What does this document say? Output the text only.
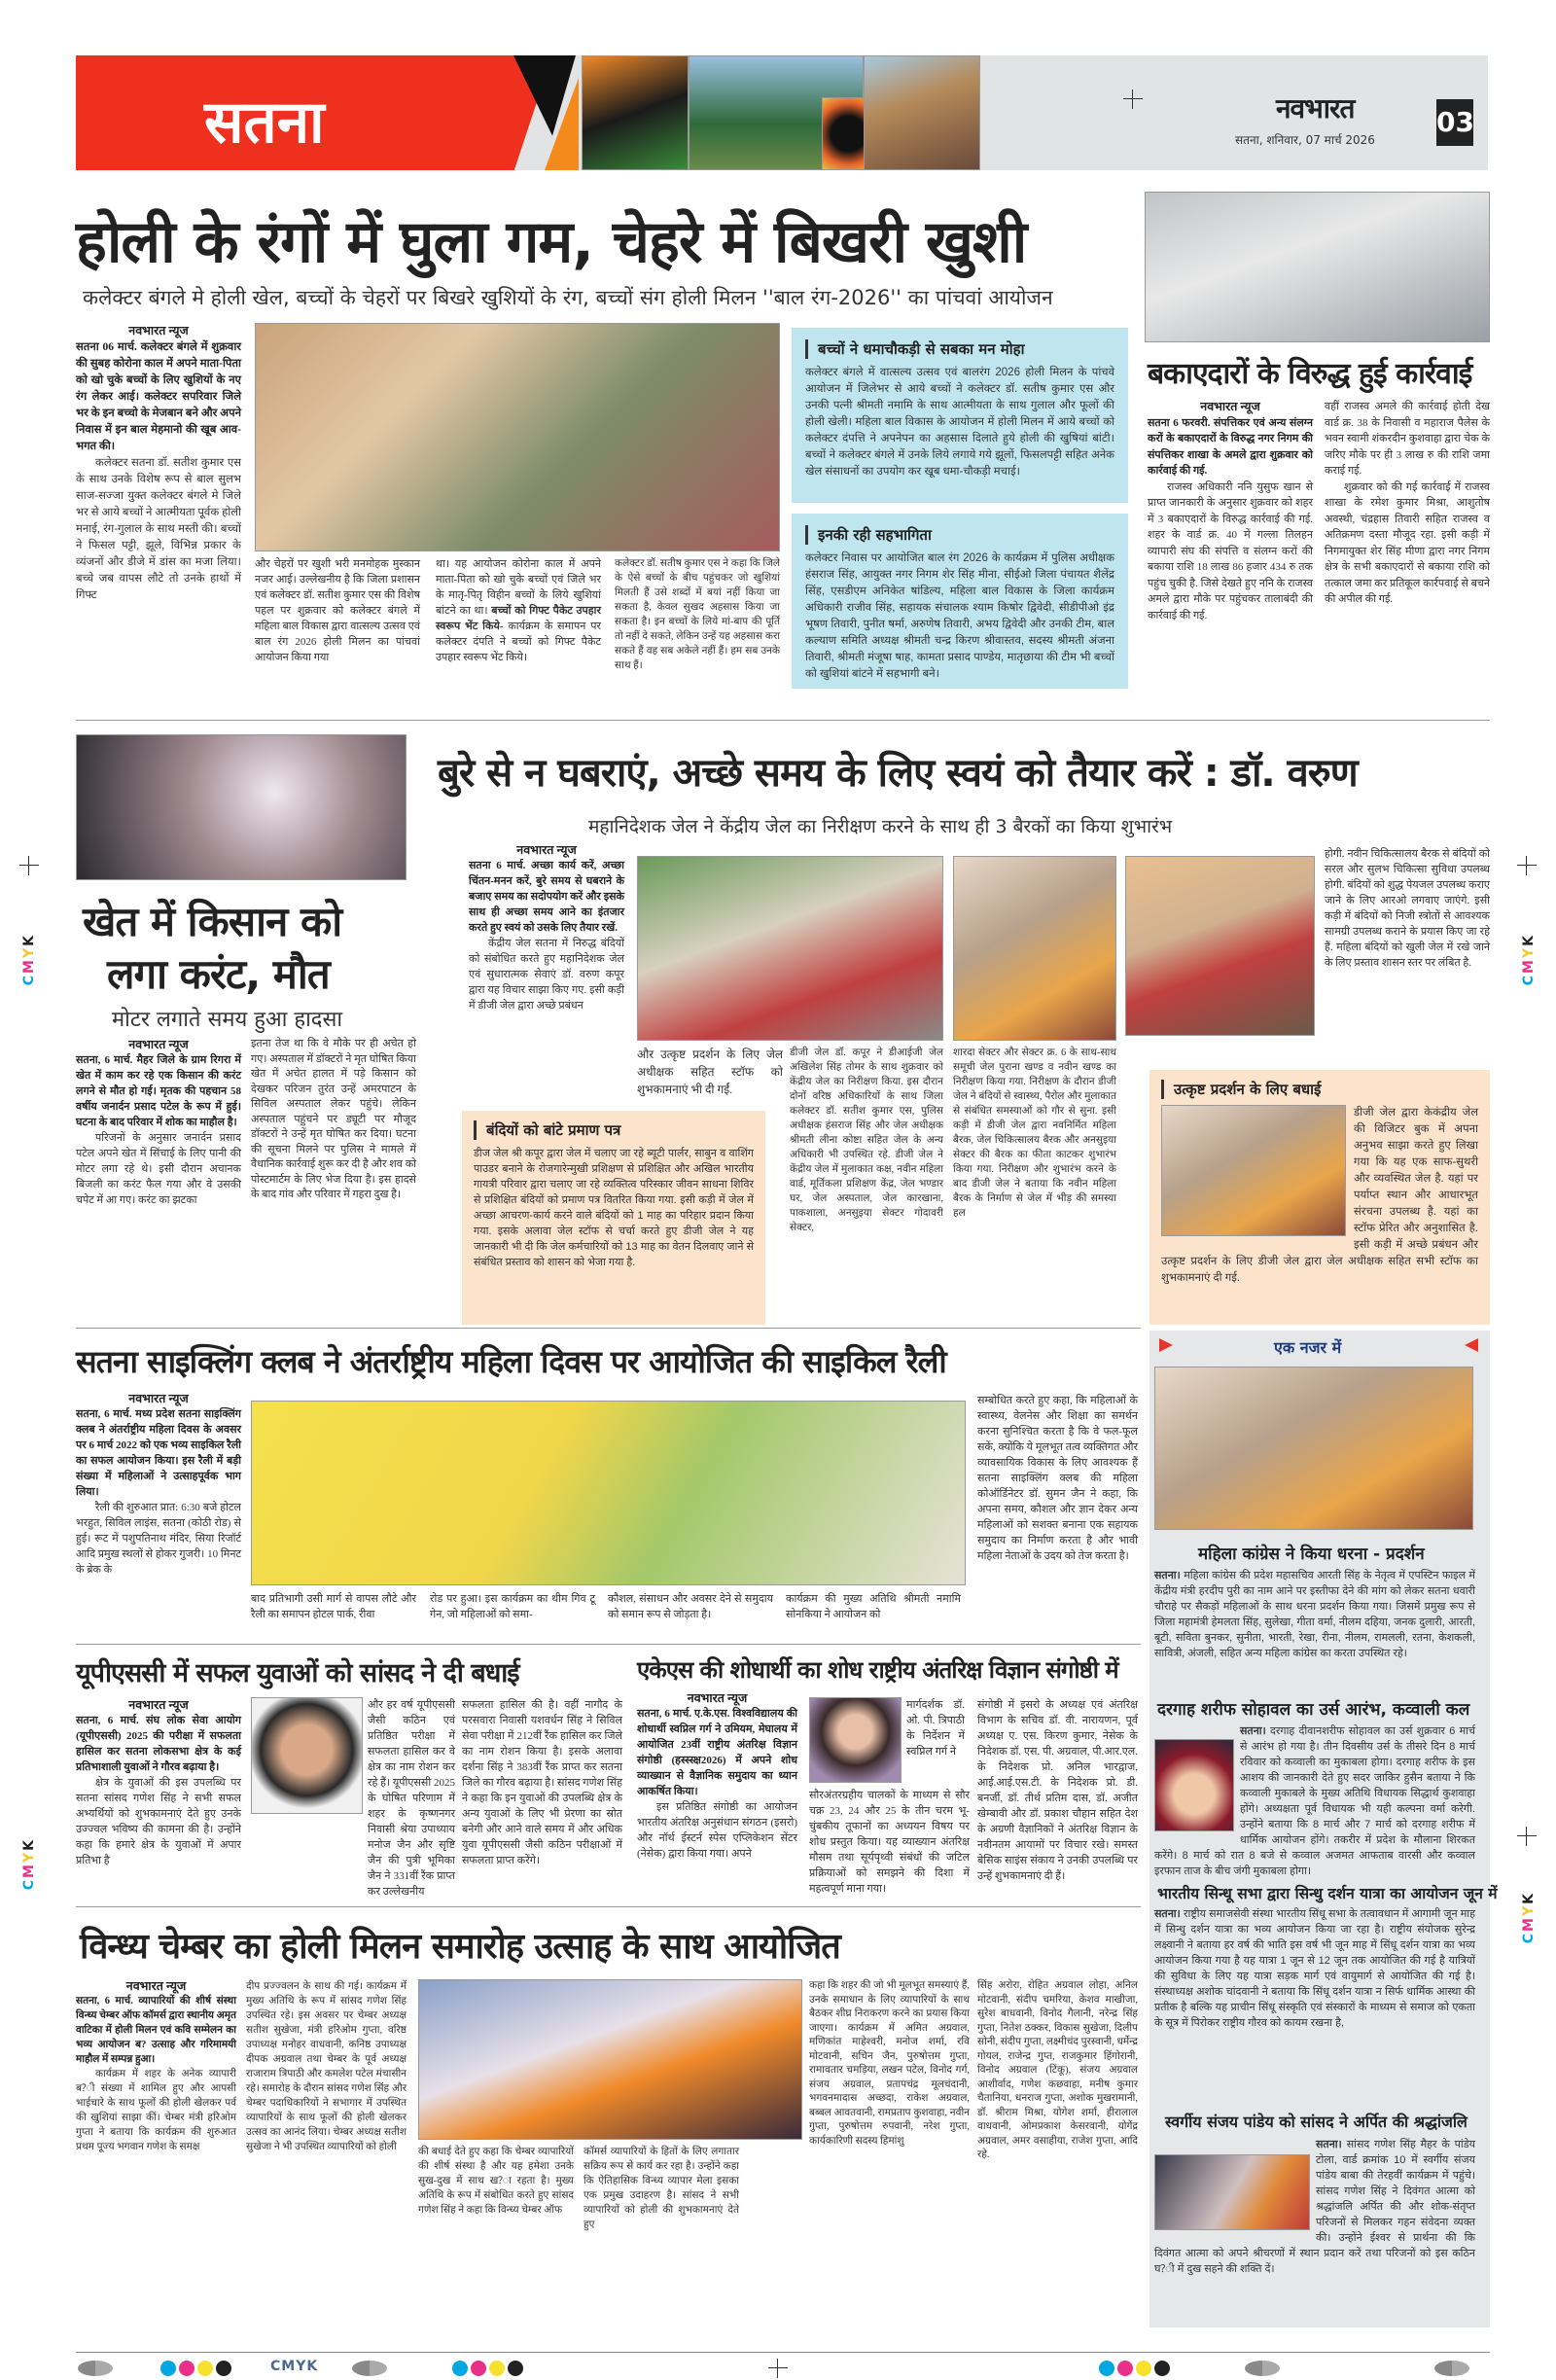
सतना	नवभारत
सतना, शनिवार, 07 मार्च 2026
03
होली के रंगों में घुला गम, चेहरे में बिखरी खुशी
कलेक्टर बंगले मे होली खेल, बच्चों के चेहरों पर बिखरे खुशियों के रंग, बच्चों संग होली मिलन ''बाल रंग-2026'' का पांचवां आयोजन
नवभारत न्यूज
सतना 06 मार्च. कलेक्टर बंगले में शुक्रवार की सुबह कोरोना काल में अपने माता-पिता को खो चुके बच्चों के लिए खुशियों के नए रंग लेकर आई। कलेक्टर सपरिवार जिले भर के इन बच्चो के मेजबान बने और अपने निवास में इन बाल मेहमानो की खूब आव-भगत की।
कलेक्टर सतना डॉ. सतीश कुमार एस के साथ उनके विशेष रूप से बाल सुलभ साज-सज्जा युक्त कलेक्टर बंगले मे जिले भर से आये बच्चों ने आत्मीयता पूर्वक होली मनाई, रंग-गुलाल के साथ मस्ती की। बच्चों ने फिसल पट्टी, झूले, विभिन्न प्रकार के व्यंजनों और डीजे में डांस का मजा लिया। बच्चे जब वापस लौटे तो उनके हाथों में गिफ्ट
और चेहरों पर खुशी भरी मनमोहक मुस्कान नजर आई। उल्लेखनीय है कि जिला प्रशासन एवं कलेक्टर डॉ. सतीश कुमार एस की विशेष पहल पर शुक्रवार को कलेक्टर बंगले में महिला बाल विकास द्वारा वात्सल्य उत्सव एवं बाल रंग 2026 होली मिलन का पांचवां आयोजन किया गया
था। यह आयोजन कोरोना काल में अपने माता-पिता को खो चुके बच्चों एवं जिले भर के मातृ-पितृ विहीन बच्चों के लिये खुशियां बांटने का था। बच्चों को गिफ्ट पैकेट उपहार स्वरूप भेंट किये- कार्यक्रम के समापन पर कलेक्टर दंपति ने बच्चों को गिफ्ट पैकेट उपहार स्वरूप भेंट किये।
कलेक्टर डॉ. सतीष कुमार एस ने कहा कि जिले के ऐसे बच्चों के बीच पहुंचकर जो खुशियां मिलती हैं उसे शब्दों में बयां नहीं किया जा सकता है, केवल सुखद अहसास किया जा सकता है। इन बच्चों के लिये मां-बाप की पूर्ति तो नहीं दे सकते, लेकिन उन्हें यह अहसास करा सकते हैं वह सब अकेले नहीं हैं। हम सब उनके साथ हैं।
बच्चों ने धमाचौकड़ी से सबका मन मोहा
कलेक्टर बंगले में वात्सल्य उत्सव एवं बालरंग 2026 होली मिलन के पांचवे आयोजन में जिलेभर से आये बच्चों ने कलेक्टर डॉ. सतीष कुमार एस और उनकी पत्नी श्रीमती नमामि के साथ आत्मीयता के साथ गुलाल और फूलों की होली खेली। महिला बाल विकास के आयोजन में होली मिलन में आये बच्चों को कलेक्टर दंपत्ति ने अपनेपन का अहसास दिलाते हुये होली की खुषियां बांटी। बच्चों ने कलेक्टर बंगले में उनके लिये लगाये गये झूलों, फिसलपट्टी सहित अनेक खेल संसाधनों का उपयोग कर खूब धमा-चौकड़ी मचाई।
इनकी रही सहभागिता
कलेक्टर निवास पर आयोजित बाल रंग 2026 के कार्यक्रम में पुलिस अधीक्षक हंसराज सिंह, आयुक्त नगर निगम शेर सिंह मीना, सीईओ जिला पंचायत शैलेंद्र सिंह, एसडीएम अनिकेत षांडिल्य, महिला बाल विकास के जिला कार्यक्रम अधिकारी राजीव सिंह, सहायक संचालक श्याम किषोर द्विवेदी, सीडीपीओ इंद्र भूषण तिवारी, पुनीत षर्मा, अरुणेष तिवारी, अभय द्विवेदी और उनकी टीम, बाल कल्याण समिति अध्यक्ष श्रीमती चन्द्र किरण श्रीवास्तव, सदस्य श्रीमती अंजना तिवारी, श्रीमती मंजूषा षाह, कामता प्रसाद पाण्डेय, मातृछाया की टीम भी बच्चों को खुशियां बांटने में सहभागी बने।
बकाएदारों के विरुद्ध हुई कार्रवाई
नवभारत न्यूज
सतना 6 फरवरी. संपत्तिकर एवं अन्य संलग्न करों के बकाएदारों के विरुद्ध नगर निगम की संपत्तिकर शाखा के अमले द्वारा शुक्रवार को कार्रवाई की गई.
राजस्व अधिकारी ननि युसुफ खान से प्राप्त जानकारी के अनुसार शुक्रवार को शहर में 3 बकाएदारों के विरुद्ध कार्रवाई की गई. शहर के वार्ड क्र. 40 में गल्ला तिलहन व्यापारी संघ की संपत्ति व संलग्न करों की बकाया राशि 18 लाख 86 हजार 434 रु तक पहुंच चुकी है. जिसे देखते हुए ननि के राजस्व अमले द्वारा मौके पर पहुंचकर तालाबंदी की कार्रवाई की गई.
वहीं राजस्व अमले की कार्रवाई होती देख वार्ड क्र. 38 के निवासी व महाराज पैलेस के भवन स्वामी शंकरदीन कुशवाहा द्वारा चेक के जरिए मौके पर ही 3 लाख रु की राशि जमा कराई गई.
शुक्रवार को की गई कार्रवाई में राजस्व शाखा के रमेश कुमार मिश्रा, आशुतोष अवस्थी, चंद्रहास तिवारी सहित राजस्व व अतिक्रमण दस्ता मौजूद रहा. इसी कड़ी में निगमायुक्त शेर सिंह मीणा द्वारा नगर निगम क्षेत्र के सभी बकाएदारों से बकाया राशि को तत्काल जमा कर प्रतिकूल कार्रपवाई से बचने की अपील की गई.
खेत में किसान को
लगा करंट, मौत
मोटर लगाते समय हुआ हादसा
नवभारत न्यूज
सतना, 6 मार्च. मैहर जिले के ग्राम रिगरा में खेत में काम कर रहे एक किसान की करंट लगने से मौत हो गई। मृतक की पहचान 58 वर्षीय जनार्दन प्रसाद पटेल के रूप में हुई। घटना के बाद परिवार में शोक का माहौल है।
परिजनों के अनुसार जनार्दन प्रसाद पटेल अपने खेत में सिंचाई के लिए पानी की मोटर लगा रहे थे। इसी दौरान अचानक बिजली का करंट फैल गया और वे उसकी चपेट में आ गए। करंट का झटका
इतना तेज था कि वे मौके पर ही अचेत हो गए। अस्पताल में डॉक्टरों ने मृत घोषित किया खेत में अचेत हालत में पड़े किसान को देखकर परिजन तुरंत उन्हें अमरपाटन के सिविल अस्पताल लेकर पहुंचे। लेकिन अस्पताल पहुंचने पर ड्यूटी पर मौजूद डॉक्टरों ने उन्हें मृत घोषित कर दिया। घटना की सूचना मिलने पर पुलिस ने मामले में वैधानिक कार्रवाई शुरू कर दी है और शव को पोस्टमार्टम के लिए भेज दिया है। इस हादसे के बाद गांव और परिवार में गहरा दुख है।
बुरे से न घबराएं, अच्छे समय के लिए स्वयं को तैयार करें : डॉ. वरुण
महानिदेशक जेल ने केंद्रीय जेल का निरीक्षण करने के साथ ही 3 बैरकों का किया शुभारंभ
नवभारत न्यूज
सतना 6 मार्च. अच्छा कार्य करें, अच्छा चिंतन-मनन करें, बुरे समय से घबराने के बजाए समय का सदोपयोग करें और इसके साथ ही अच्छा समय आने का इंतजार करते हुए स्वयं को उसके लिए तैयार रखें.
केंद्रीय जेल सतना में निरुद्ध बंदियों को संबोधित करते हुए महानिदेशक जेल एवं सुधारात्मक सेवाएं डॉ. वरुण कपूर द्वारा यह विचार साझा किए गए. इसी कड़ी में डीजी जेल द्वारा अच्छे प्रबंधन
और उत्कृष्ट प्रदर्शन के लिए जेल अधीक्षक सहित स्टॉफ को शुभकामनाएं भी दी गईं.
डीजी जेल डॉ. कपूर ने डीआईजी जेल अखिलेश सिंह तोमर के साथ शुक्रवार को केंद्रीय जेल का निरीक्षण किया. इस दौरान दोनों वरिष्ठ अधिकारियों के साथ जिला कलेक्टर डॉ. सतीश कुमार एस, पुलिस अधीक्षक हंसराज सिंह और जेल अधीक्षक श्रीमती लीना कोष्टा सहित जेल के अन्य अधिकारी भी उपस्थित रहे. डीजी जेल ने केंद्रीय जेल में मुलाकात कक्ष, नवीन महिला वार्ड, मूर्तिकला प्रशिक्षण केंद्र, जेल भण्डार घर, जेल अस्पताल, जेल कारखाना, पाकशाला, अनसुइया सेक्टर गोदावरी सेक्टर,
शारदा सेक्टर और सेक्टर क्र. 6 के साथ-साथ समूची जेल पुराना खण्ड व नवीन खण्ड का निरीक्षण किया गया. निरीक्षण के दौरान डीजी जेल ने बंदियों से स्वास्थ्य, पैरोल और मुलाकात से संबंधित समस्याओं को गौर से सुना. इसी कड़ी में डीजी जेल द्वारा नवनिर्मित महिला बैरक, जेल चिकित्सालय बैरक और अनसुइया सेक्टर की बैरक का फीता काटकर शुभारंभ किया गया. निरीक्षण और शुभारंभ करने के बाद डीजी जेल ने बताया कि नवीन महिला बैरक के निर्माण से जेल में भीड़ की समस्या हल
होगी. नवीन चिकित्सालय बैरक से बंदियों को सरल और सुलभ चिकित्सा सुविधा उपलब्ध होगी. बंदियों को शुद्ध पेयजल उपलब्ध कराए जाने के लिए आरओ लगवाए जाएंगे. इसी कड़ी में बंदियों को निजी स्त्रोतों से आवश्यक सामग्री उपलब्ध कराने के प्रयास किए जा रहे हैं. महिला बंदियों को खुली जेल में रखे जाने के लिए प्रस्ताव शासन स्तर पर लंबित है.
बंदियों को बांटे प्रमाण पत्र
डीज जेल श्री कपूर द्वारा जेल में चलाए जा रहे ब्यूटी पार्लर, साबुन व वाशिंग पाउडर बनाने के रोजगारेन्मुखी प्रशिक्षण से प्रशिक्षित और अखिल भारतीय गायत्री परिवार द्वारा चलाए जा रहे व्यक्तित्व परिस्कार जीवन साधना शिविर से प्रशिक्षित बंदियों को प्रमाण पत्र वितरित किया गया. इसी कड़ी में जेल में अच्छा आचरण-कार्य करने वाले बंदियों को 1 माह का परिहार प्रदान किया गया. इसके अलावा जेल स्टॉफ से चर्चा करते हुए डीजी जेल ने यह जानकारी भी दी कि जेल कर्मचारियों को 13 माह का वेतन दिलवाए जाने से संबंधित प्रस्ताव को शासन को भेजा गया है.
उत्कृष्ट प्रदर्शन के लिए बधाई
डीजी जेल द्वारा केकंद्रीय जेल की विजिटर बुक में अपना अनुभव साझा करते हुए लिखा गया कि यह एक साफ-सुथरी और व्यवस्थित जेल है. यहां पर पर्याप्त स्थान और आधारभूत संरचना उपलब्ध है. यहां का स्टॉफ प्रेरित और अनुशासित है. इसी कड़ी में अच्छे प्रबंधन और उत्कृष्ट प्रदर्शन के लिए डीजी जेल द्वारा जेल अधीक्षक सहित सभी स्टॉफ का शुभकामनाएं दी गई.
सतना साइक्लिंग क्लब ने अंतर्राष्ट्रीय महिला दिवस पर आयोजित की साइकिल रैली
नवभारत न्यूज
सतना, 6 मार्च. मध्य प्रदेश सतना साइक्लिंग क्लब ने अंतर्राष्ट्रीय महिला दिवस के अवसर पर 6 मार्च 2022 को एक भव्य साइकिल रैली का सफल आयोजन किया। इस रैली में बड़ी संख्या में महिलाओं ने उत्साहपूर्वक भाग लिया।
रैली की शुरुआत प्रात: 6:30 बजे होटल भरहुत, सिविल लाइंस, सतना (कोठी रोड) से हुई। रूट में पशुपतिनाथ मंदिर, सिया रिजॉर्ट आदि प्रमुख स्थलों से होकर गुजरी। 10 मिनट के ब्रेक के
बाद प्रतिभागी उसी मार्ग से वापस लौटे और रैली का समापन होटल पार्क, रीवा
रोड पर हुआ। इस कार्यक्रम का थीम गिव टू गेन, जो महिलाओं को समा-
कौशल, संसाधन और अवसर देने से समुदाय को समान रूप से जोड़ता है।
कार्यक्रम की मुख्य अतिथि श्रीमती नमामि सोनकिया ने आयोजन को
सम्बोधित करते हुए कहा, कि महिलाओं के स्वास्थ्य, वेलनेस और शिक्षा का समर्थन करना सुनिश्चित करता है कि वे फल-फूल सकें, क्योंकि ये मूलभूत तत्व व्यक्तिगत और व्यावसायिक विकास के लिए आवश्यक हैं सतना साइक्लिंग क्लब की महिला कोऑर्डिनेटर डॉ. सुमन जैन ने कहा, कि अपना समय, कौशल और ज्ञान देकर अन्य महिलाओं को सशक्त बनाना एक सहायक समुदाय का निर्माण करता है और भावी महिला नेताओं के उदय को तेज करता है।
एक नजर में
महिला कांग्रेस ने किया धरना - प्रदर्शन
सतना। महिला कांग्रेस की प्रदेश महासचिव आरती सिंह के नेतृत्व में एपस्टिन फाइल में केंद्रीय मंत्री हरदीप पुरी का नाम आने पर इस्तीफा देने की मांग को लेकर सतना धवारी चौराहे पर सैकड़ों महिलाओं के साथ धरना प्रदर्शन किया गया। जिसमें प्रमुख रूप से जिला महामंत्री हेमलता सिंह, सुलेखा, गीता वर्मा, नीलम दहिया, जनक दुलारी, आरती, बूटी, सविता बुनकर, सुनीता, भारती, रेखा, रीना, नीलम, रामलली, रतना, केशकली, सावित्री, अंजली, सहित अन्य महिला कांग्रेस का करता उपस्थित रहे।
दरगाह शरीफ सोहावल का उर्स आरंभ, कव्वाली कल
सतना। दरगाह दीवानशरीफ सोहावल का उर्स शुक्रवार 6 मार्च से आरंभ हो गया है। तीन दिवसीय उर्स के तीसरे दिन 8 मार्च रविवार को कव्वाली का मुकाबला होगा। दरगाह शरीफ के इस आशय की जानकारी देते हुए सदर जाकिर हुसैन बताया ने कि कव्वाली मुकाबले के मुख्य अतिथि विधायक सिद्धार्थ कुशवाहा होंगे। अध्यक्षता पूर्व विधायक भी यही कल्पना वर्मा करेगी. उन्होंने बताया कि 8 मार्च और 7 मार्च को दरगाह शरीफ में धार्मिक आयोजन होंगे। तकरीर में प्रदेश के मौलाना शिरकत करेंगे। 8 मार्च को रात 8 बजे से कव्वाल अजमत आफताब वारसी और कव्वाल इरफान ताज के बीच जंगी मुकाबला होगा।
भारतीय सिन्धू सभा द्वारा सिन्धु दर्शन यात्रा का आयोजन जून में
सतना। राष्ट्रीय समाजसेवी संस्था भारतीय सिंधू सभा के तत्वावधान में आगामी जून माह में सिन्धु दर्शन यात्रा का भव्य आयोजन किया जा रहा है। राष्ट्रीय संयोजक सुरेन्द्र लक्ष्वानी ने बताया हर वर्ष की भाति इस वर्ष भी जून माह में सिंधू दर्शन यात्रा का भव्य आयोजन किया गया है यह यात्रा 1 जून से 12 जून तक आयोजित की गई है यात्रियों की सुविधा के लिए यह यात्रा सड़क मार्ग एवं वायुमार्ग से आयोजित की गई है। संस्थाध्यक्ष अशोक चांदवानी ने बताया कि सिंधू दर्शन यात्रा न सिर्फ धार्मिक आस्था की प्रतीक है बल्कि यह प्राचीन सिंधू संस्कृति एवं संस्कारों के माध्यम से समाज को एकता के सूत्र में पिरोकर राष्ट्रीय गौरव को कायम रखना है,
स्वर्गीय संजय पांडेय को सांसद ने अर्पित की श्रद्धांजलि
सतना। सांसद गणेश सिंह मैहर के पांडेय टोला, वार्ड क्रमांक 10 में स्वर्गीय संजय पांडेय बाबा की तेरहवीं कार्यक्रम में पहुंचे। सांसद गणेश सिंह ने दिवंगत आत्मा को श्रद्धांजलि अर्पित की और शोक-संतृप्त परिजनों से मिलकर गहन संवेदना व्यक्त की। उन्होंने ईश्वर से प्रार्थना की कि दिवंगत आत्मा को अपने श्रीचरणों में स्थान प्रदान करें तथा परिजनों को इस कठिन घ?ी में दुख सहने की शक्ति दें।
यूपीएससी में सफल युवाओं को सांसद ने दी बधाई
नवभारत न्यूज
सतना, 6 मार्च. संघ लोक सेवा आयोग (यूपीएससी) 2025 की परीक्षा में सफलता हासिल कर सतना लोकसभा क्षेत्र के कई प्रतिभाशाली युवाओं ने गौरव बढ़ाया है।
क्षेत्र के युवाओं की इस उपलब्धि पर सतना सांसद गणेश सिंह ने सभी सफल अभ्यर्थियों को शुभकामनाएं देते हुए उनके उज्ज्वल भविष्य की कामना की है। उन्होंने कहा कि हमारे क्षेत्र के युवाओं में अपार प्रतिभा है
और हर वर्ष यूपीएससी जैसी कठिन एवं प्रतिष्ठित परीक्षा में सफलता हासिल कर वे क्षेत्र का नाम रोशन कर रहे हैं। यूपीएससी 2025 के घोषित परिणाम में शहर के कृष्णनगर निवासी श्रेया उपाध्याय मनोज जैन और सृष्टि जैन की पुत्री भूमिका जैन ने 331वीं रैंक प्राप्त कर उल्लेखनीय
सफलता हासिल की है। वहीं नागौद के परसवारा निवासी यशवर्धन सिंह ने सिविल सेवा परीक्षा में 212वीं रैंक हासिल कर जिले का नाम रोशन किया है। इसके अलावा दर्शना सिंह ने 383वीं रैंक प्राप्त कर सतना जिले का गौरव बढ़ाया है। सांसद गणेश सिंह ने कहा कि इन युवाओं की उपलब्धि क्षेत्र के अन्य युवाओं के लिए भी प्रेरणा का स्रोत बनेगी और आने वाले समय में और अधिक युवा यूपीएससी जैसी कठिन परीक्षाओं में सफलता प्राप्त करेंगे।
एकेएस की शोधार्थी का शोध राष्ट्रीय अंतरिक्ष विज्ञान संगोष्ठी में
नवभारत न्यूज
सतना, 6 मार्च. ए.के.एस. विश्वविद्यालय की शोधार्थी स्वप्निल गर्ग ने उमियम, मेघालय में आयोजित 23वीं राष्ट्रीय अंतरिक्ष विज्ञान संगोष्ठी (हस्स्स्क्ष2026) में अपने शोध व्याख्यान से वैज्ञानिक समुदाय का ध्यान आकर्षित किया।
इस प्रतिष्ठित संगोष्ठी का आयोजन भारतीय अंतरिक्ष अनुसंधान संगठन (इसरो) और नॉर्थ ईस्टर्न स्पेस एप्लिकेशन सेंटर (नेसेक) द्वारा किया गया। अपने
मार्गदर्शक डॉ. ओ. पी. त्रिपाठी के निर्देशन में स्वप्निल गर्ग ने
सौरअंतरग्रहीय चालकों के माध्यम से सौर चक्र 23, 24 और 25 के तीन चरम भू-चुंबकीय तूफानों का अध्ययन विषय पर शोध प्रस्तुत किया। यह व्याख्यान अंतरिक्ष मौसम तथा सूर्यपृथ्वी संबंधों की जटिल प्रक्रियाओं को समझने की दिशा में महत्वपूर्ण माना गया।
संगोष्ठी में इसरो के अध्यक्ष एवं अंतरिक्ष विभाग के सचिव डॉ. वी. नारायणन, पूर्व अध्यक्ष ए. एस. किरण कुमार, नेसेक के निदेशक डॉ. एस. पी. अग्रवाल, पी.आर.एल. के निदेशक प्रो. अनिल भारद्वाज, आई.आई.एस.टी. के निदेशक प्रो. डी. बनर्जी, डॉ. तीर्थ प्रतिम दास, डॉ. अजीत खेम्बावी और डॉ. प्रकाश चौहान सहित देश के अग्रणी वैज्ञानिकों ने अंतरिक्ष विज्ञान के नवीनतम आयामों पर विचार रखे। समस्त बेसिक साइंस संकाय ने उनकी उपलब्धि पर उन्हें शुभकामनाएं दी हैं।
विन्ध्य चेम्बर का होली मिलन समारोह उत्साह के साथ आयोजित
नवभारत न्यूज
सतना, 6 मार्च. व्यापारियों की शीर्ष संस्था विन्ध्य चेम्बर ऑफ कॉमर्स द्वारा स्थानीय अमृत वाटिका में होली मिलन एवं कवि सम्मेलन का भव्य आयोजन ब? उत्साह और गरिमामयी माहौल में सम्पन्न हुआ।
कार्यक्रम में शहर के अनेक व्यापारी ब?ी संख्या में शामिल हुए और आपसी भाईचारे के साथ फूलों की होली खेलकर पर्व की खुशियां साझा कीं। चेम्बर मंत्री हरिओम गुप्ता ने बताया कि कार्यक्रम की शुरुआत प्रथम पूज्य भगवान गणेश के समक्ष
दीप प्रज्ज्वलन के साथ की गई। कार्यक्रम में मुख्य अतिथि के रूप में सांसद गणेश सिंह उपस्थित रहे। इस अवसर पर चेम्बर अध्यक्ष सतीश सुखेजा, मंत्री हरिओम गुप्ता, वरिष्ठ उपाध्यक्ष मनोहर वाधवानी, कनिष्ठ उपाध्यक्ष दीपक अग्रवाल तथा चेम्बर के पूर्व अध्यक्ष राजाराम त्रिपाठी और कमलेश पटेल मंचासीन रहे। समारोह के दौरान सांसद गणेश सिंह और चेम्बर पदाधिकारियों ने सभागार में उपस्थित व्यापारियों के साथ फूलों की होली खेलकर उत्सव का आनंद लिया। चेम्बर अध्यक्ष सतीश सुखेजा ने भी उपस्थित व्यापारियों को होली	की बधाई देते हुए कहा कि चेम्बर व्यापारियों की शीर्ष संस्था है और यह हमेशा उनके सुख-दुख में साथ ख?ा रहता है। मुख्य अतिथि के रूप में संबोधित करते हुए सांसद गणेश सिंह ने कहा कि विन्ध्य चेम्बर ऑफ
कॉमर्स व्यापारियों के हितों के लिए लगातार सक्रिय रूप से कार्य कर रहा है। उन्होंने कहा कि ऐतिहासिक विन्ध्य व्यापार मेला इसका एक प्रमुख उदाहरण है। सांसद ने सभी व्यापारियों को होली की शुभकामनाएं देते हुए
कहा कि शहर की जो भी मूलभूत समस्याएं हैं, उनके समाधान के लिए व्यापारियों के साथ बैठकर शीघ्र निराकरण करने का प्रयास किया जाएगा। कार्यक्रम में अमित अग्रवाल, मणिकांत माहेश्वरी, मनोज शर्मा, रवि मोटवानी, सचिन जैन, पुरुषोत्तम गुप्ता, रामावतार चमड़िया, लखन पटेल, विनोद गर्ग, संजय अग्रवाल, प्रतापचंद्र मूलचंदानी, भगवनमादास अच्छदा, राकेश अग्रवाल, बब्बल आवतवानी, रामप्रताप कुशवाहा, नवीन गुप्ता, पुरुषोत्तम रुपवानी, नरेश गुप्ता, कार्यकारिणी सदस्य हिमांशु
सिंह अरोरा, रोहित अग्रवाल लोहा, अनिल मोटवानी, संदीप चमरिया, केशव माखीजा, सुरेश बाधवानी, विनोद गैलानी, नरेन्द्र सिंह गुप्ता, नितेश ठक्कर, विकास सुखेजा, दिलीप सोनी, संदीप गुप्ता, लक्ष्मीचंद पुरस्वानी, धर्मेन्द्र गोयल, राजेन्द्र गुप्त, राजकुमार हिंगोरानी, विनोद अग्रवाल (टिंकू), संजय अग्रवाल आशीर्वाद, गणेश कछवाहा, मनीष कुमार चैतानिया, धनराज गुप्ता, अशोक मुखरामानी, डॉ. श्रीराम मिश्रा, योगेश शर्मा, हीरालाल वाधवानी, ओमप्रकाश केसरवानी, योगेंद्र अग्रवाल, अमर वसाहीया, राजेश गुप्ता, आदि रहे.
CMYK
CMYK
CMYK
CMYK
CMYK
